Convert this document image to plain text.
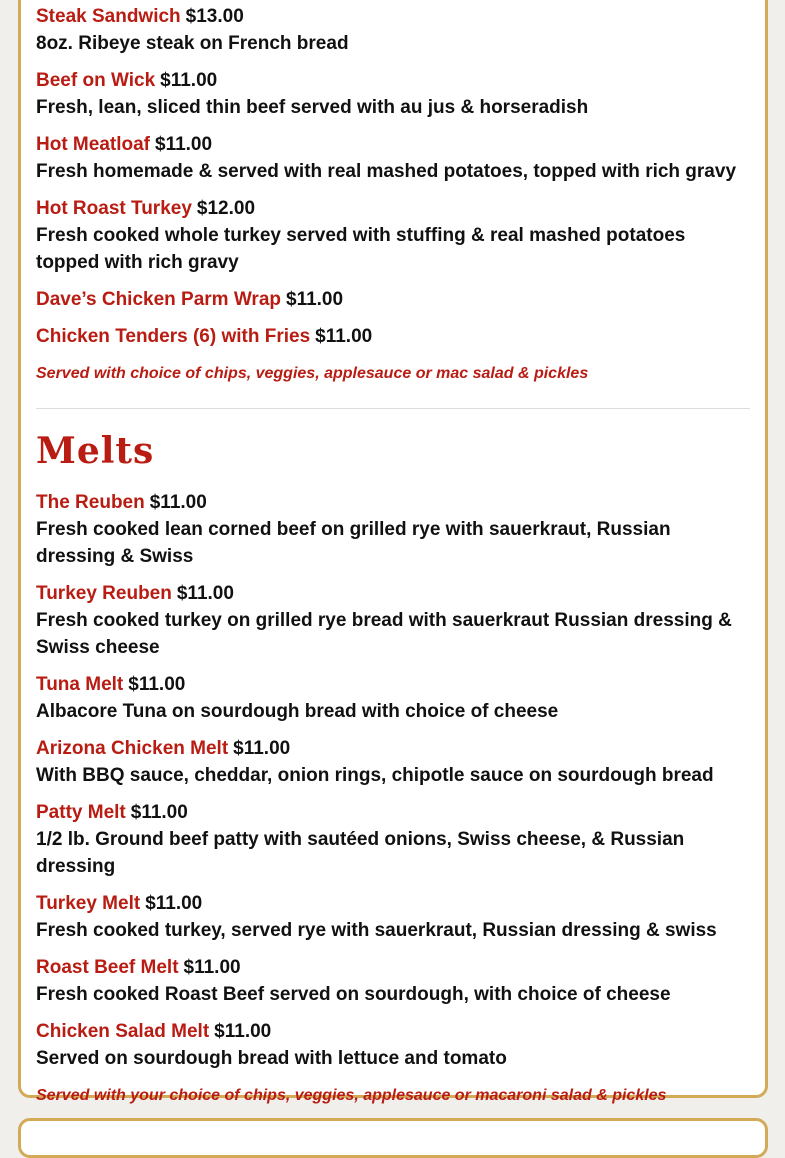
Steak Sandwich $13.00

8oz. Ribeye steak on French bread

Beef on Wick $11.00

Fresh, lean, sliced thin beef served with au jus & horseradish

Hot Meatloaf $11.00

Fresh homemade & served with real mashed potatoes, topped with rich gravy

Hot Roast Turkey $12.00

Fresh cooked whole turkey served with stuffing & real mashed potatoes topped with rich gravy

Dave’s Chicken Parm Wrap $11.00

Chicken Tenders (6) with Fries $11.00

Served with choice of chips, veggies, applesauce or mac salad & pickles

Melts

The Reuben $11.00

Fresh cooked lean corned beef on grilled rye with sauerkraut, Russian dressing & Swiss

Turkey Reuben $11.00

Fresh cooked turkey on grilled rye bread with sauerkraut Russian dressing & Swiss cheese

Tuna Melt $11.00

Albacore Tuna on sourdough bread with choice of cheese

Arizona Chicken Melt $11.00

With BBQ sauce, cheddar, onion rings, chipotle sauce on sourdough bread

Patty Melt $11.00

1/2 lb. Ground beef patty with sautéed onions, Swiss cheese, & Russian dressing

Turkey Melt $11.00

Fresh cooked turkey, served rye with sauerkraut, Russian dressing & swiss

Roast Beef Melt $11.00

Fresh cooked Roast Beef served on sourdough, with choice of cheese

Chicken Salad Melt $11.00

Served on sourdough bread with lettuce and tomato

Served with your choice of chips, veggies, applesauce or macaroni salad & pickles
